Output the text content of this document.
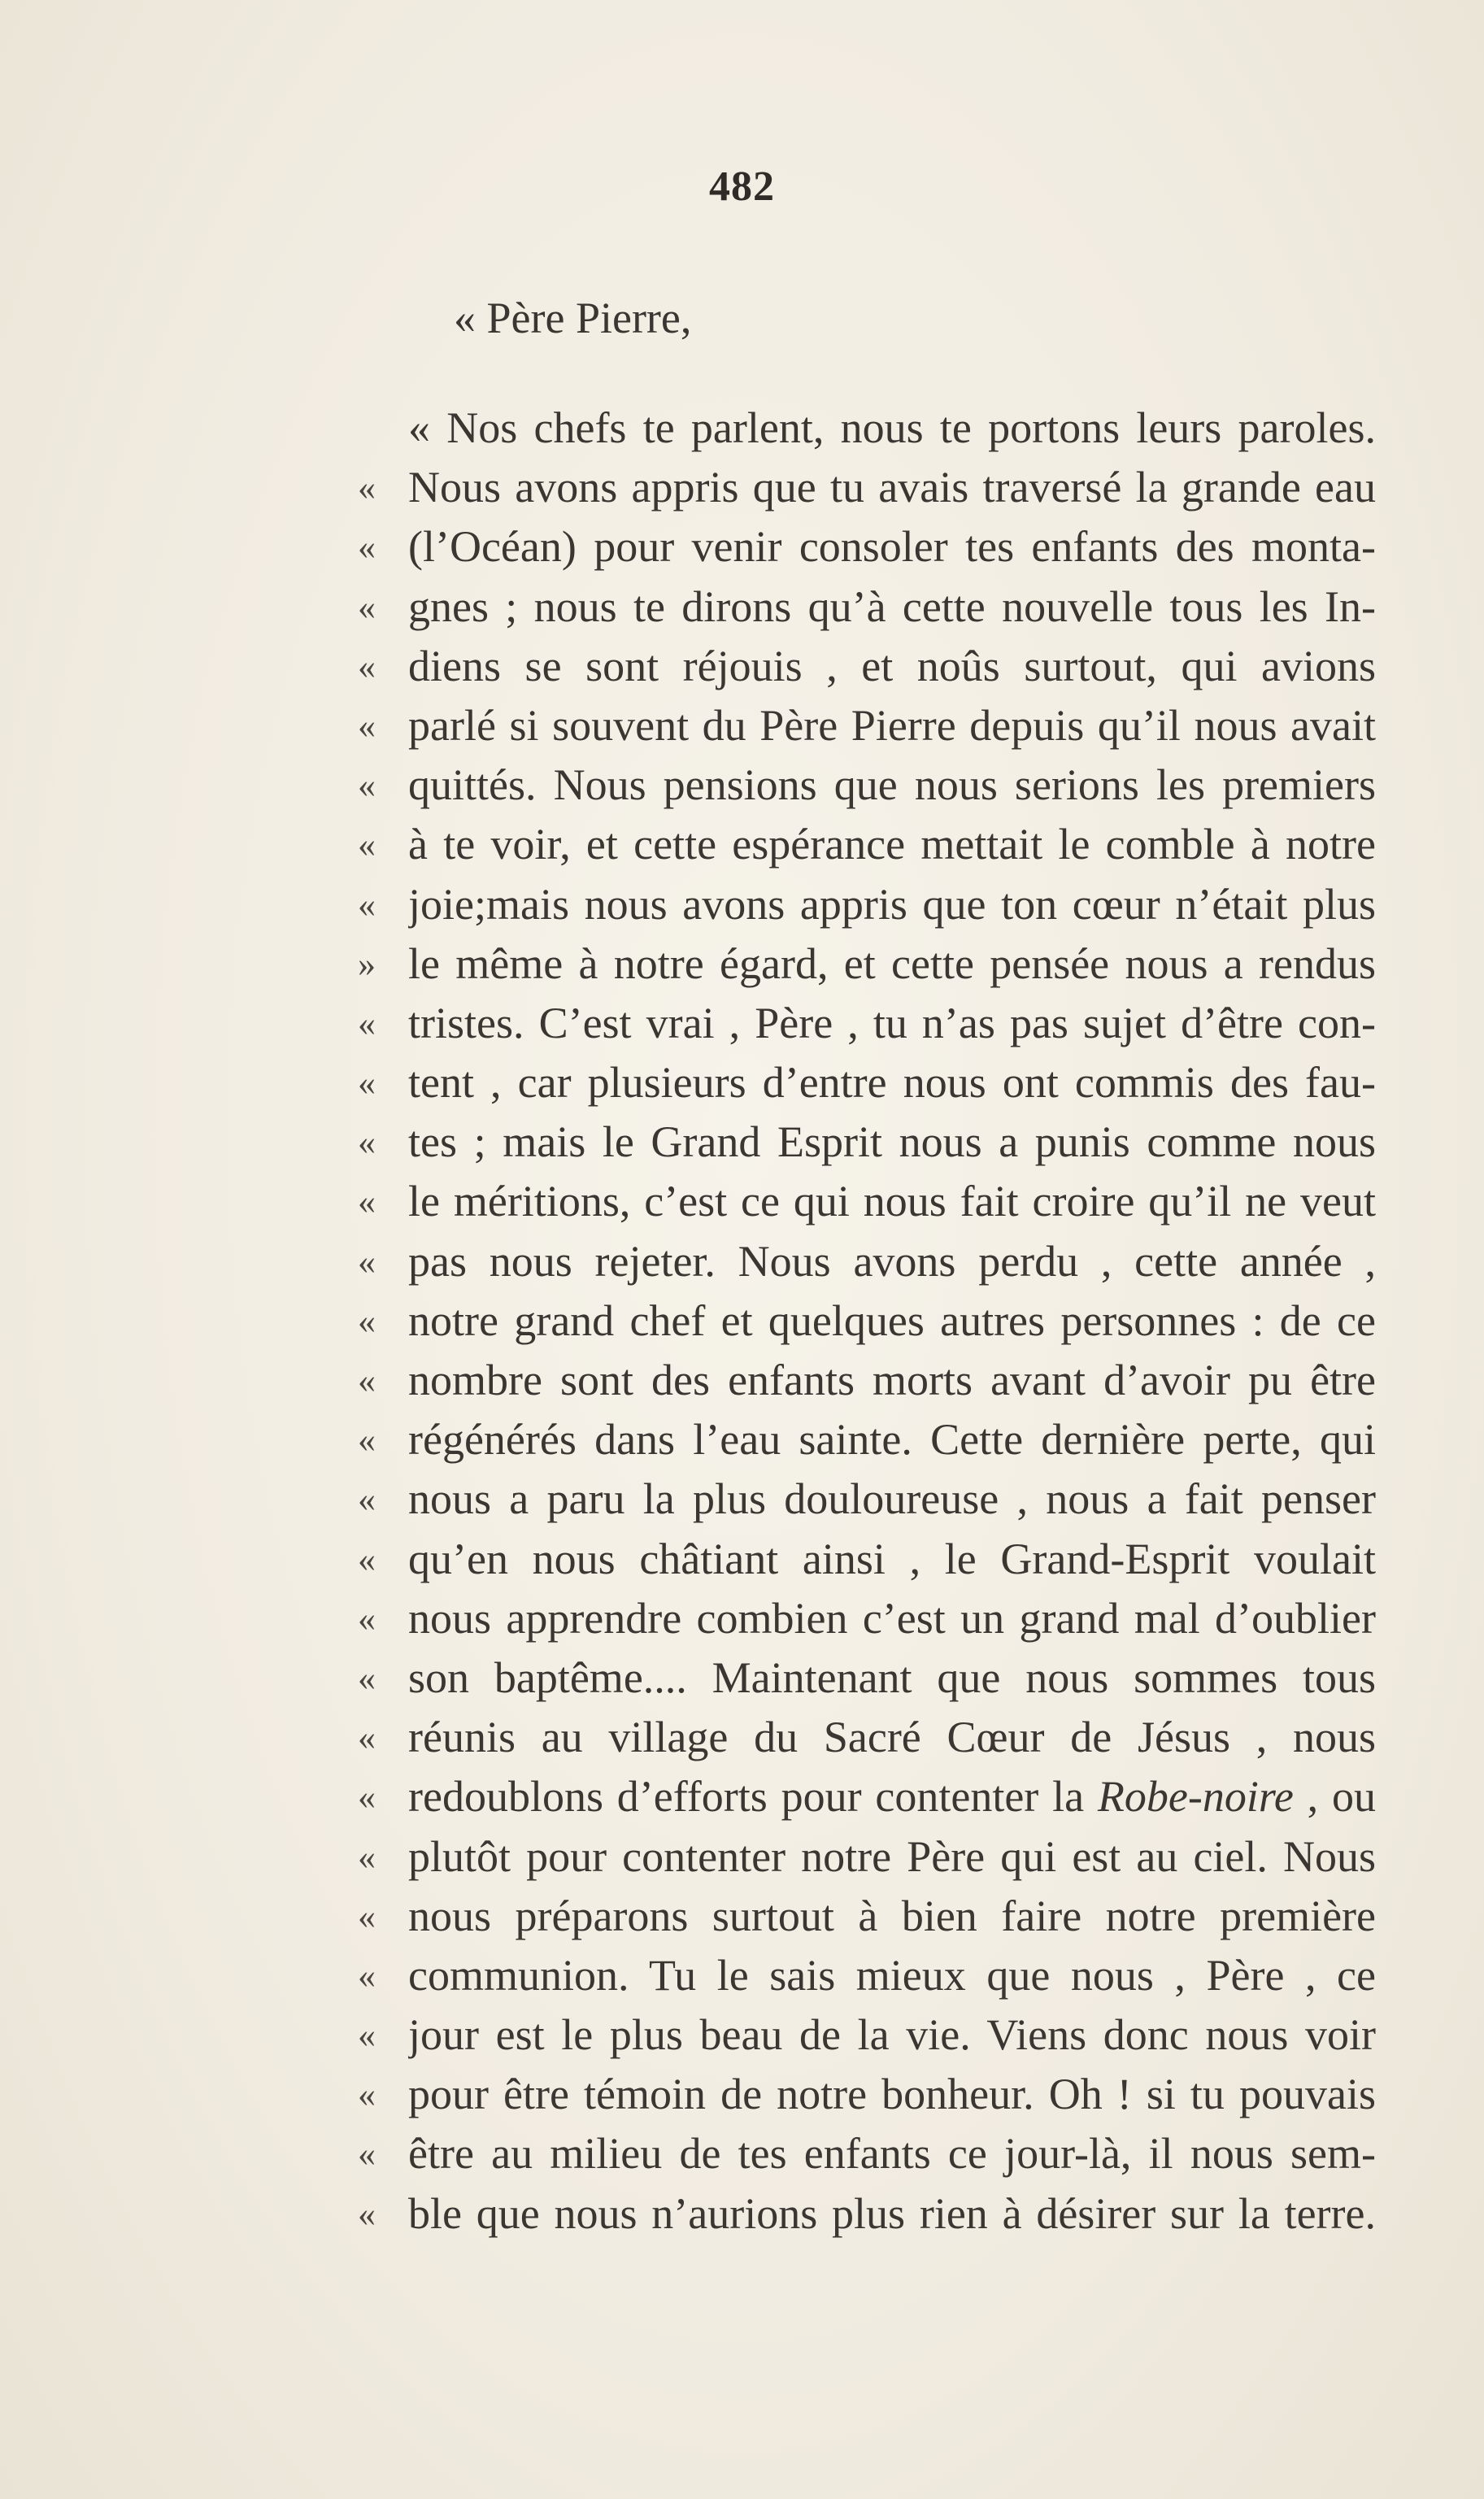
482
« Père Pierre,
« Nos chefs te parlent, nous te portons leurs paroles.
« Nous avons appris que tu avais traversé la grande eau
« (l’Océan) pour venir consoler tes enfants des monta-
« gnes ; nous te dirons qu’à cette nouvelle tous les In-
« diens se sont réjouis , et noûs surtout, qui avions
« parlé si souvent du Père Pierre depuis qu’il nous avait
« quittés. Nous pensions que nous serions les premiers
« à te voir, et cette espérance mettait le comble à notre
« joie;mais nous avons appris que ton cœur n’était plus
» le même à notre égard, et cette pensée nous a rendus
« tristes. C’est vrai , Père , tu n’as pas sujet d’être con-
« tent , car plusieurs d’entre nous ont commis des fau-
« tes ; mais le Grand Esprit nous a punis comme nous
« le méritions, c’est ce qui nous fait croire qu’il ne veut
« pas nous rejeter. Nous avons perdu , cette année ,
« notre grand chef et quelques autres personnes : de ce
« nombre sont des enfants morts avant d’avoir pu être
« régénérés dans l’eau sainte. Cette dernière perte, qui
« nous a paru la plus douloureuse , nous a fait penser
« qu’en nous châtiant ainsi , le Grand-Esprit voulait
« nous apprendre combien c’est un grand mal d’oublier
« son baptême.... Maintenant que nous sommes tous
« réunis au village du Sacré Cœur de Jésus , nous
« redoublons d’efforts pour contenter la Robe-noire , ou
« plutôt pour contenter notre Père qui est au ciel. Nous
« nous préparons surtout à bien faire notre première
« communion. Tu le sais mieux que nous , Père , ce
« jour est le plus beau de la vie. Viens donc nous voir
« pour être témoin de notre bonheur. Oh ! si tu pouvais
« être au milieu de tes enfants ce jour-là, il nous sem-
« ble que nous n’aurions plus rien à désirer sur la terre.
